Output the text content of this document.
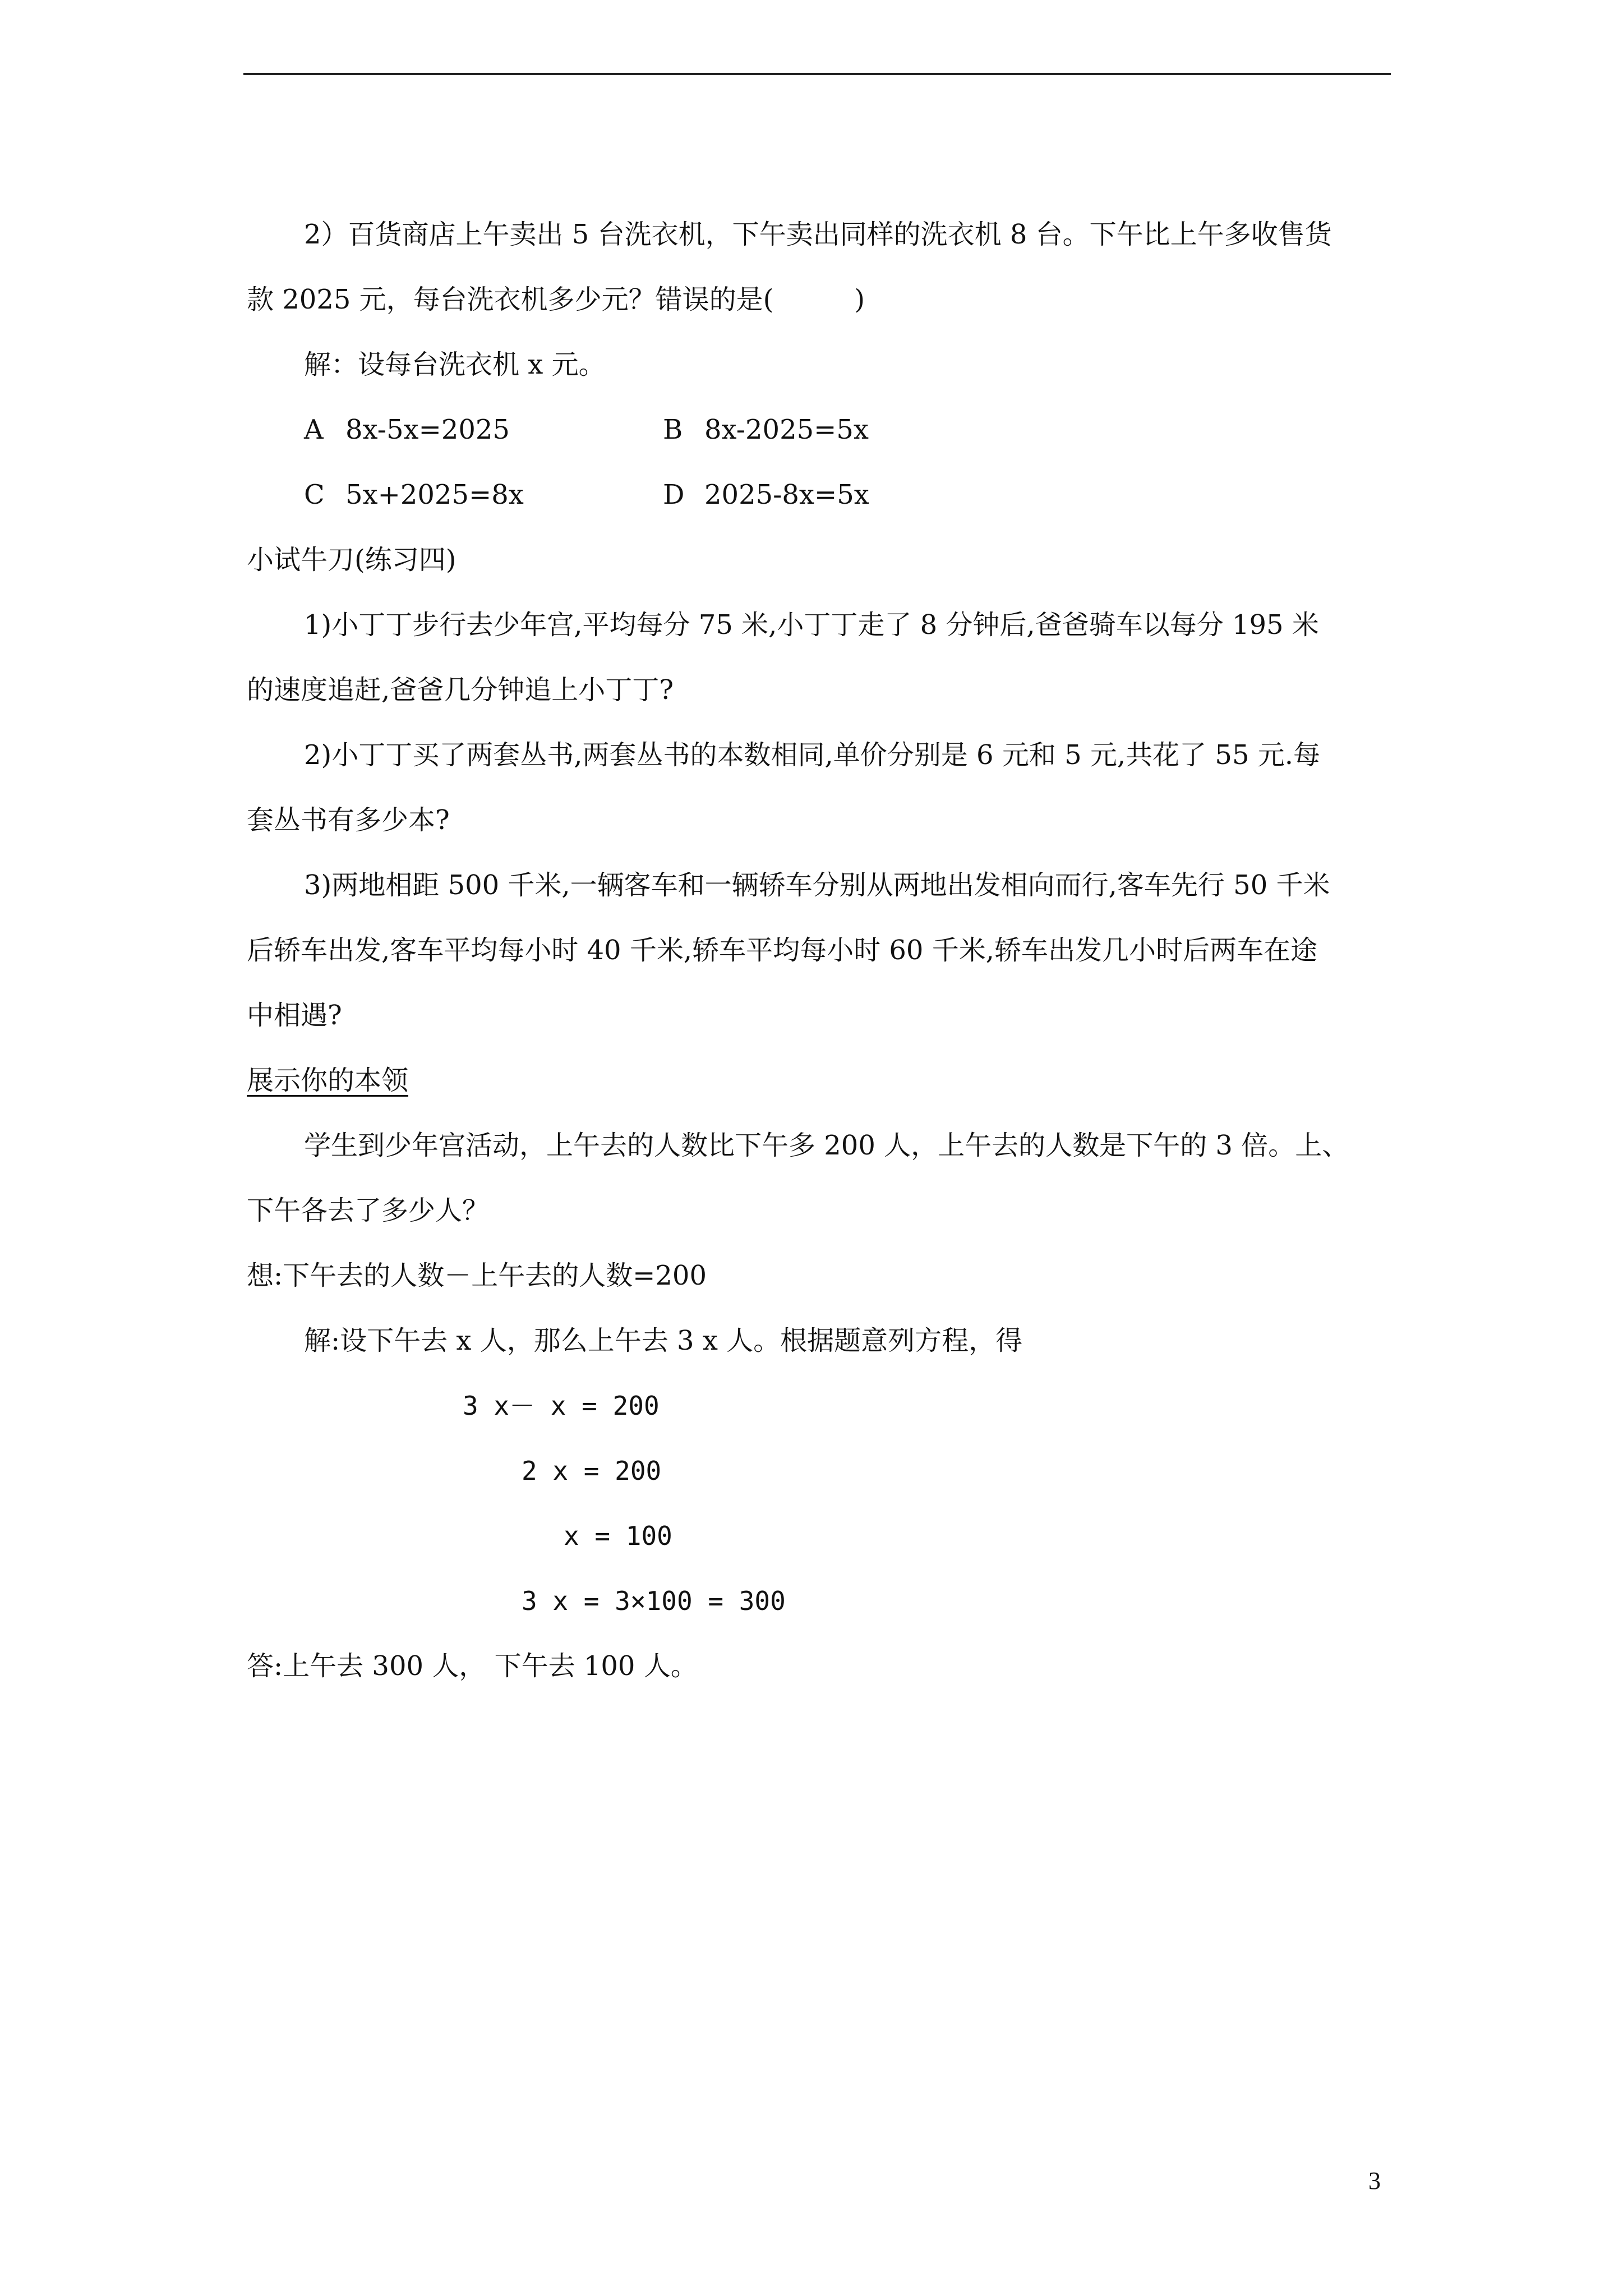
2）百货商店上午卖出 5 台洗衣机，下午卖出同样的洗衣机 8 台。下午比上午多收售货

款 2025 元，每台洗衣机多少元？错误的是(　　　)

解：设每台洗衣机 x 元。

A 8x-5x=2025	B 8x-2025=5x
C 5x+2025=8x	D 2025-8x=5x

小试牛刀(练习四)

1)小丁丁步行去少年宫,平均每分 75 米,小丁丁走了 8 分钟后,爸爸骑车以每分 195 米

的速度追赶,爸爸几分钟追上小丁丁?

2)小丁丁买了两套丛书,两套丛书的本数相同,单价分别是 6 元和 5 元,共花了 55 元.每

套丛书有多少本?

3)两地相距 500 千米,一辆客车和一辆轿车分别从两地出发相向而行,客车先行 50 千米

后轿车出发,客车平均每小时 40 千米,轿车平均每小时 60 千米,轿车出发几小时后两车在途

中相遇?

展示你的本领

学生到少年宫活动，上午去的人数比下午多 200 人，上午去的人数是下午的 3 倍。上、

下午各去了多少人？

想:下午去的人数－上午去的人数=200

解:设下午去 x 人，那么上午去 3 x 人。根据题意列方程，得

3 x－ x = 200

2 x = 200

x = 100

3 x = 3×100 = 300

答:上午去 300 人， 下午去 100 人。

3
